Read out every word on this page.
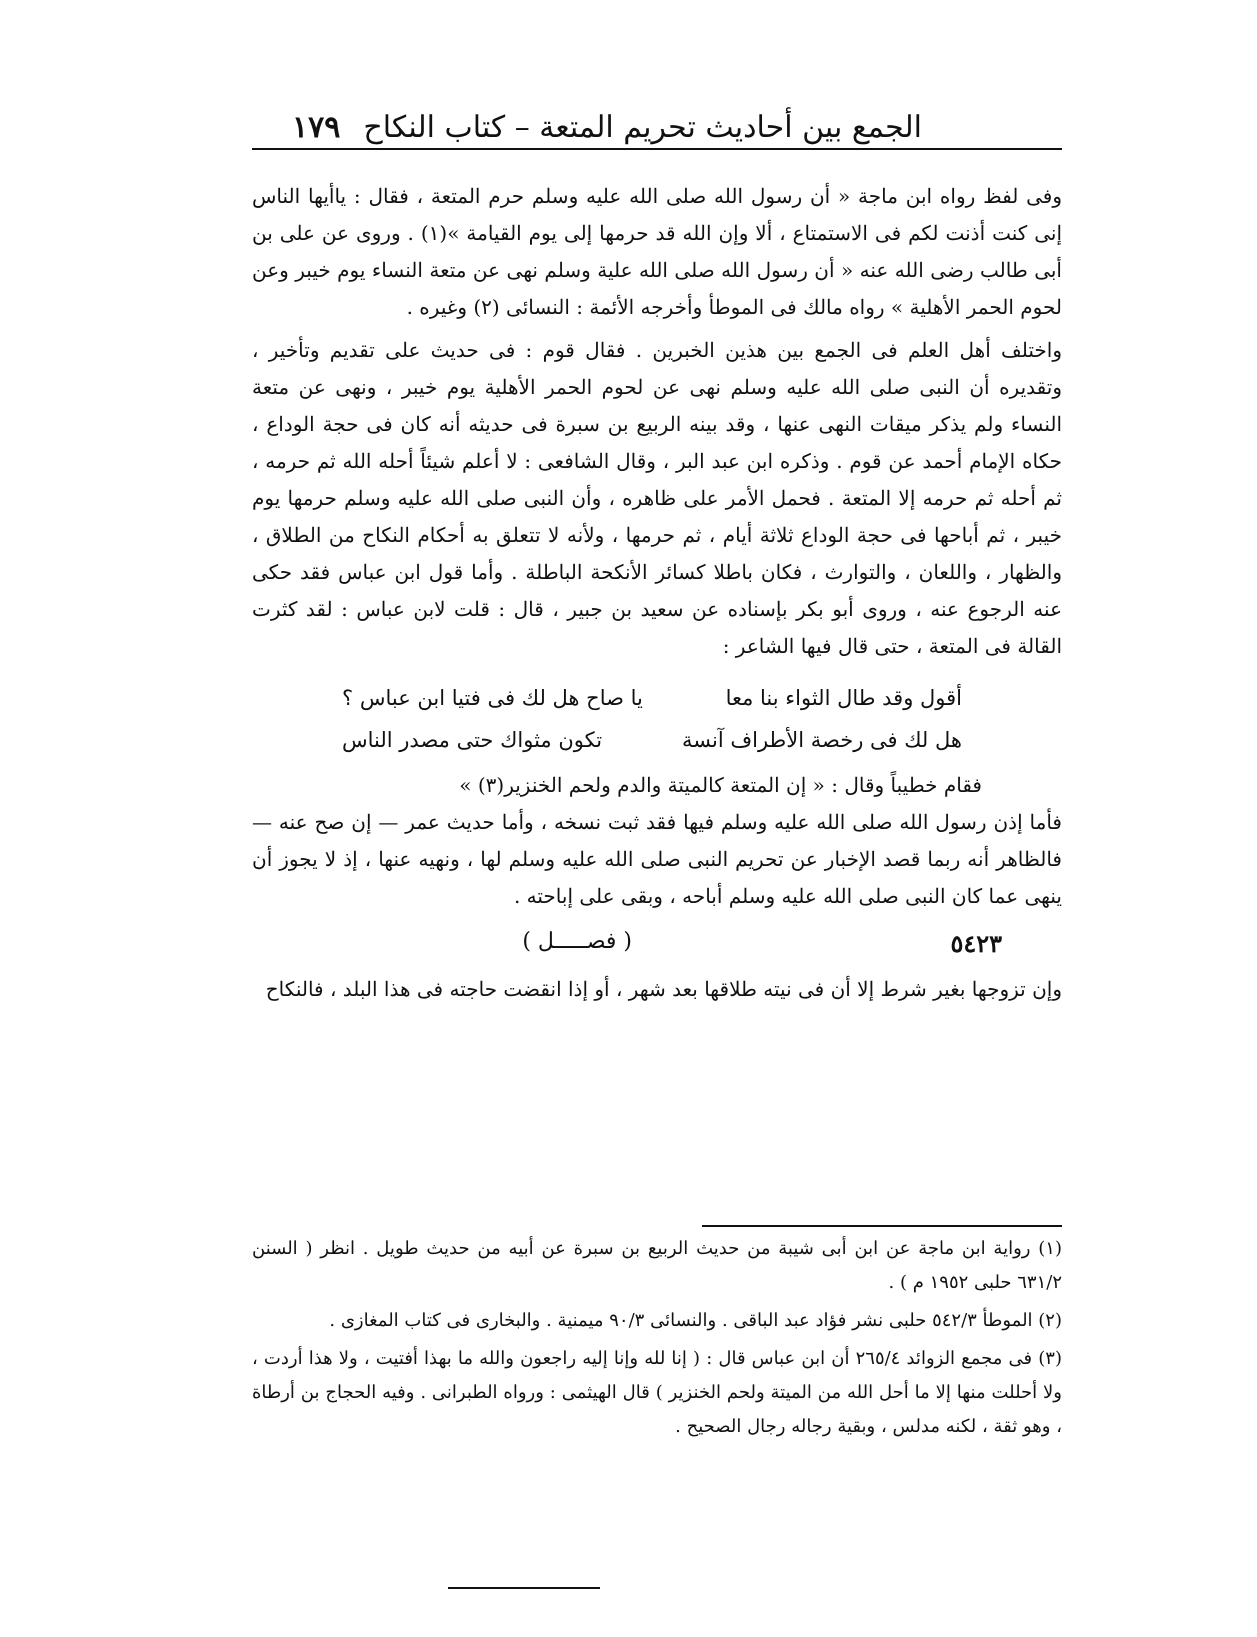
الجمع بين أحاديث تحريم المتعة – كتاب النكاح
١٧٩

وفى لفظ رواه ابن ماجة « أن رسول الله صلى الله عليه وسلم حرم المتعة ، فقال : ياأيها الناس إنى كنت أذنت لكم فى الاستمتاع ، ألا وإن الله قد حرمها إلى يوم القيامة »(١) . وروى عن على بن أبى طالب رضى الله عنه « أن رسول الله صلى الله علية وسلم نهى عن متعة النساء يوم خيبر وعن لحوم الحمر الأهلية » رواه مالك فى الموطأ وأخرجه الأئمة : النسائى (٢) وغيره .

واختلف أهل العلم فى الجمع بين هذين الخبرين . فقال قوم : فى حديث على تقديم وتأخير ، وتقديره أن النبى صلى الله عليه وسلم نهى عن لحوم الحمر الأهلية يوم خيبر ، ونهى عن متعة النساء ولم يذكر ميقات النهى عنها ، وقد بينه الربيع بن سبرة فى حديثه أنه كان فى حجة الوداع ، حكاه الإمام أحمد عن قوم . وذكره ابن عبد البر ، وقال الشافعى : لا أعلم شيئاً أحله الله ثم حرمه ، ثم أحله ثم حرمه إلا المتعة . فحمل الأمر على ظاهره ، وأن النبى صلى الله عليه وسلم حرمها يوم خيبر ، ثم أباحها فى حجة الوداع ثلاثة أيام ، ثم حرمها ، ولأنه لا تتعلق به أحكام النكاح من الطلاق ، والظهار ، واللعان ، والتوارث ، فكان باطلا كسائر الأنكحة الباطلة . وأما قول ابن عباس فقد حكى عنه الرجوع عنه ، وروى أبو بكر بإسناده عن سعيد بن جبير ، قال : قلت لابن عباس : لقد كثرت القالة فى المتعة ، حتى قال فيها الشاعر :

أقول وقد طال الثواء بنا معا
يا صاح هل لك فى فتيا ابن عباس ؟
هل لك فى رخصة الأطراف آنسة
تكون مثواك حتى مصدر الناس

فقام خطيباً وقال : « إن المتعة كالميتة والدم ولحم الخنزير(٣) »

فأما إذن رسول الله صلى الله عليه وسلم فيها فقد ثبت نسخه ، وأما حديث عمر — إن صح عنه — فالظاهر أنه ربما قصد الإخبار عن تحريم النبى صلى الله عليه وسلم لها ، ونهيه عنها ، إذ لا يجوز أن ينهى عما كان النبى صلى الله عليه وسلم أباحه ، وبقى على إباحته .

٥٤٢٣
( فصـــــل )

وإن تزوجها بغير شرط إلا أن فى نيته طلاقها بعد شهر ، أو إذا انقضت حاجته فى هذا البلد ، فالنكاح

(١) رواية ابن ماجة عن ابن أبى شيبة من حديث الربيع بن سبرة عن أبيه من حديث طويل . انظر ( السنن ٦٣١/٢ حلبى ١٩٥٢ م ) .

(٢) الموطأ ٥٤٢/٣ حلبى نشر فؤاد عبد الباقى . والنسائى ٩٠/٣ ميمنية . والبخارى فى كتاب المغازى .

(٣) فى مجمع الزوائد ٢٦٥/٤ أن ابن عباس قال : ( إنا لله وإنا إليه راجعون والله ما بهذا أفتيت ، ولا هذا أردت ، ولا أحللت منها إلا ما أحل الله من الميتة ولحم الخنزير ) قال الهيثمى : ورواه الطبرانى . وفيه الحجاج بن أرطاة ، وهو ثقة ، لكنه مدلس ، وبقية رجاله رجال الصحيح .
